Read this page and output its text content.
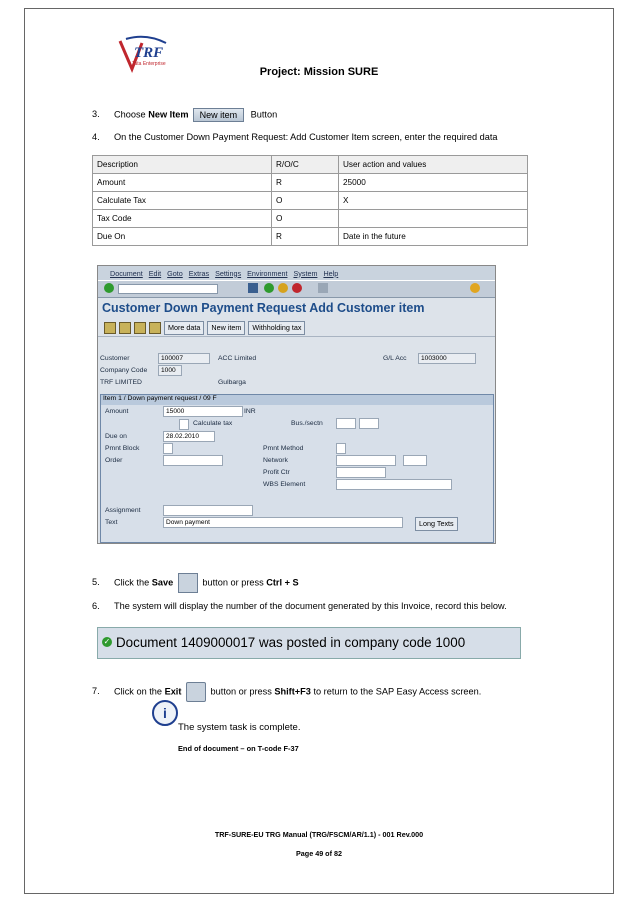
TRF
Tata Enterprise
Project: Mission SURE
3. Choose New Item New item Button
4. On the Customer Down Payment Request: Add Customer Item screen, enter the required data
Description	R/O/C	User action and values
Amount	R	25000
Calculate Tax	O	X
Tax Code	O	
Due On	R	Date in the future
Document Edit Goto Extras Settings Environment System Help
Customer Down Payment Request Add Customer item
More data	New item	Withholding tax
Customer	100007	ACC Limited	G/L Acc	1003000
Company Code	1000
TRF LIMITED	Gulbarga
Item 1 / Down payment request / 09 F
Amount	15000	INR
Calculate tax	Bus./sectn
Due on	28.02.2010
Pmnt Block	Pmnt Method
Order	Network
Profit Ctr
WBS Element
Assignment
Text	Down payment	Long Texts
5. Click the Save	button or press Ctrl + S
6. The system will display the number of the document generated by this Invoice, record this below.
✓ Document 1409000017 was posted in company code 1000
7. Click on the Exit	button or press Shift+F3 to return to the SAP Easy Access screen.
i
The system task is complete.
End of document – on T-code F-37
TRF-SURE-EU TRG Manual (TRG/FSCM/AR/1.1) - 001 Rev.000
Page 49 of 82
